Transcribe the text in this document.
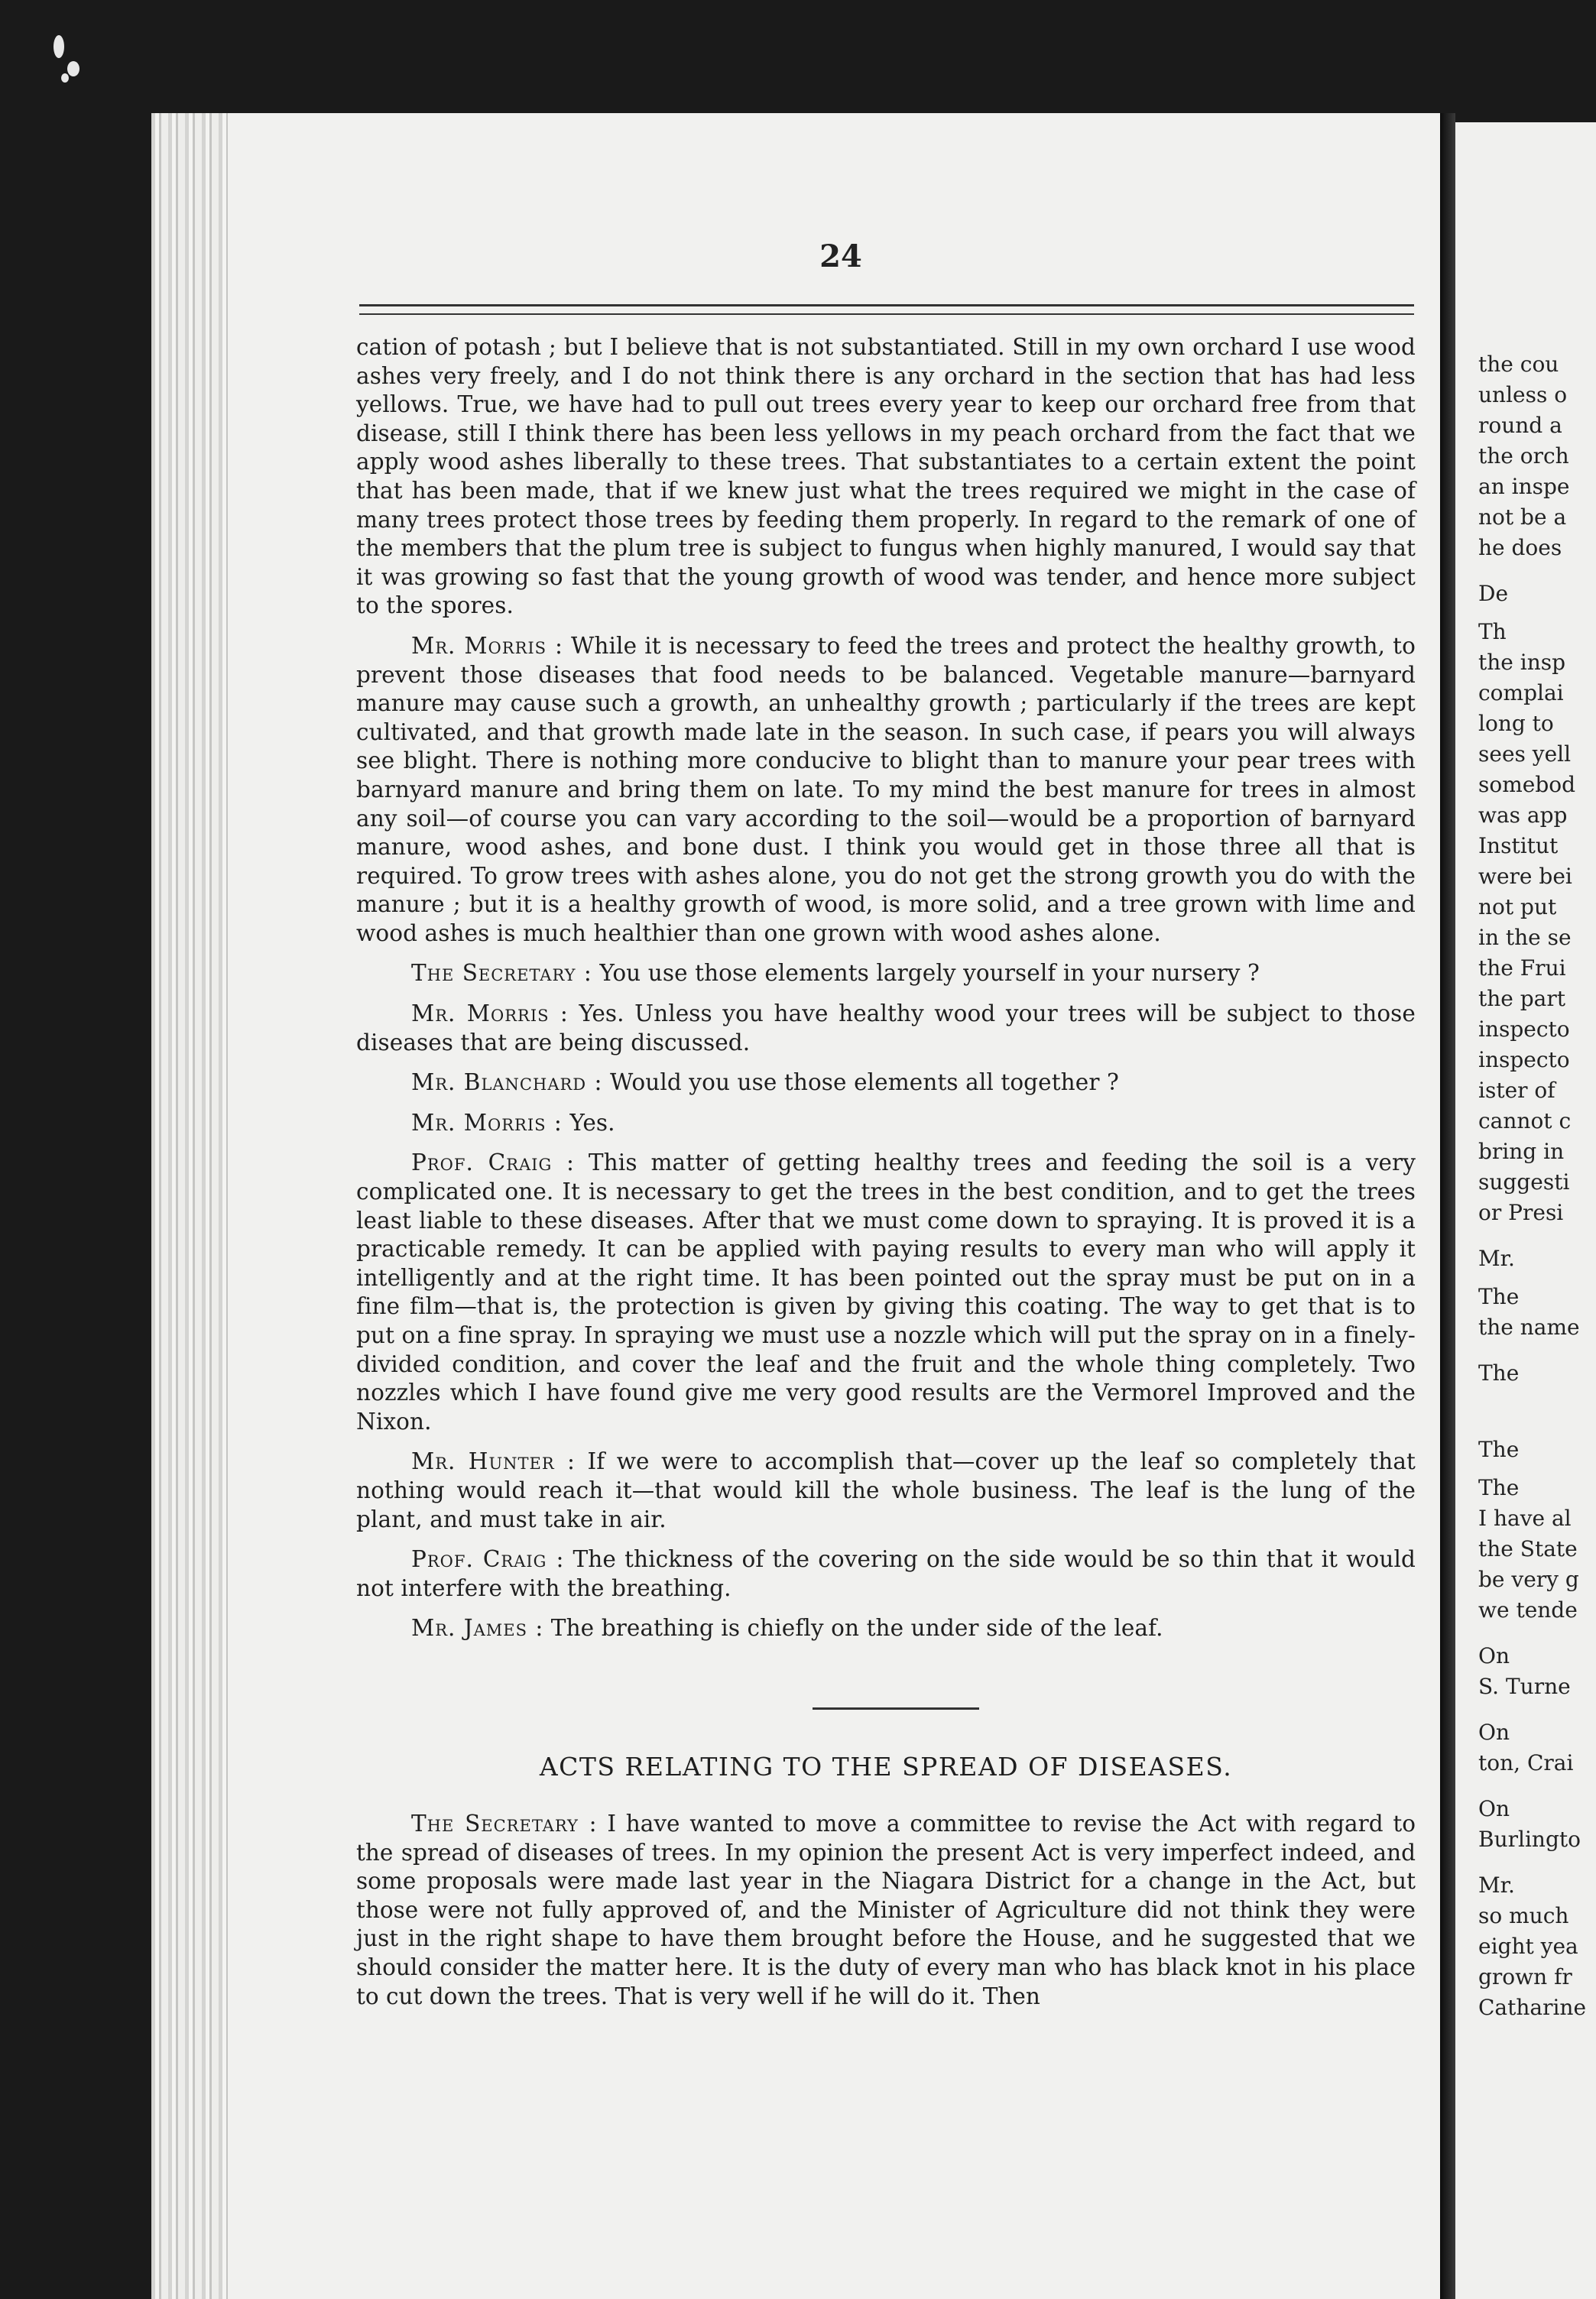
24

cation of potash ; but I believe that is not substantiated. Still in my own orchard I use wood ashes very freely, and I do not think there is any orchard in the section that has had less yellows. True, we have had to pull out trees every year to keep our orchard free from that disease, still I think there has been less yellows in my peach orchard from the fact that we apply wood ashes liberally to these trees. That substantiates to a certain extent the point that has been made, that if we knew just what the trees required we might in the case of many trees protect those trees by feeding them properly. In regard to the remark of one of the members that the plum tree is subject to fungus when highly manured, I would say that it was growing so fast that the young growth of wood was tender, and hence more subject to the spores.

Mr. Morris : While it is necessary to feed the trees and protect the healthy growth, to prevent those diseases that food needs to be balanced. Vegetable manure—barnyard manure may cause such a growth, an unhealthy growth ; particularly if the trees are kept cultivated, and that growth made late in the season. In such case, if pears you will always see blight. There is nothing more conducive to blight than to manure your pear trees with barnyard manure and bring them on late. To my mind the best manure for trees in almost any soil—of course you can vary according to the soil—would be a proportion of barnyard manure, wood ashes, and bone dust. I think you would get in those three all that is required. To grow trees with ashes alone, you do not get the strong growth you do with the manure ; but it is a healthy growth of wood, is more solid, and a tree grown with lime and wood ashes is much healthier than one grown with wood ashes alone.

The Secretary : You use those elements largely yourself in your nursery ?

Mr. Morris : Yes. Unless you have healthy wood your trees will be subject to those diseases that are being discussed.

Mr. Blanchard : Would you use those elements all together ?

Mr. Morris : Yes.

Prof. Craig : This matter of getting healthy trees and feeding the soil is a very complicated one. It is necessary to get the trees in the best condition, and to get the trees least liable to these diseases. After that we must come down to spraying. It is proved it is a practicable remedy. It can be applied with paying results to every man who will apply it intelligently and at the right time. It has been pointed out the spray must be put on in a fine film—that is, the protection is given by giving this coating. The way to get that is to put on a fine spray. In spraying we must use a nozzle which will put the spray on in a finely-divided condition, and cover the leaf and the fruit and the whole thing completely. Two nozzles which I have found give me very good results are the Vermorel Improved and the Nixon.

Mr. Hunter : If we were to accomplish that—cover up the leaf so completely that nothing would reach it—that would kill the whole business. The leaf is the lung of the plant, and must take in air.

Prof. Craig : The thickness of the covering on the side would be so thin that it would not interfere with the breathing.

Mr. James : The breathing is chiefly on the under side of the leaf.

ACTS RELATING TO THE SPREAD OF DISEASES.

The Secretary : I have wanted to move a committee to revise the Act with regard to the spread of diseases of trees. In my opinion the present Act is very imperfect indeed, and some proposals were made last year in the Niagara District for a change in the Act, but those were not fully approved of, and the Minister of Agriculture did not think they were just in the right shape to have them brought before the House, and he suggested that we should consider the matter here. It is the duty of every man who has black knot in his place to cut down the trees. That is very well if he will do it. Then

the cou
unless o
round a
the orch
an inspe
not be a
he does
De
Th
the insp
complai
long to
sees yell
somebod
was app
Institut
were bei
not put
in the se
the Frui
the part
inspecto
inspecto
ister of
cannot c
bring in
suggesti
or Presi
Mr.
The
the name
The
The
The
I have al
the State
be very g
we tende
On
S. Turne
On
ton, Crai
On
Burlingto
Mr.
so much
eight yea
grown fr
Catharine
